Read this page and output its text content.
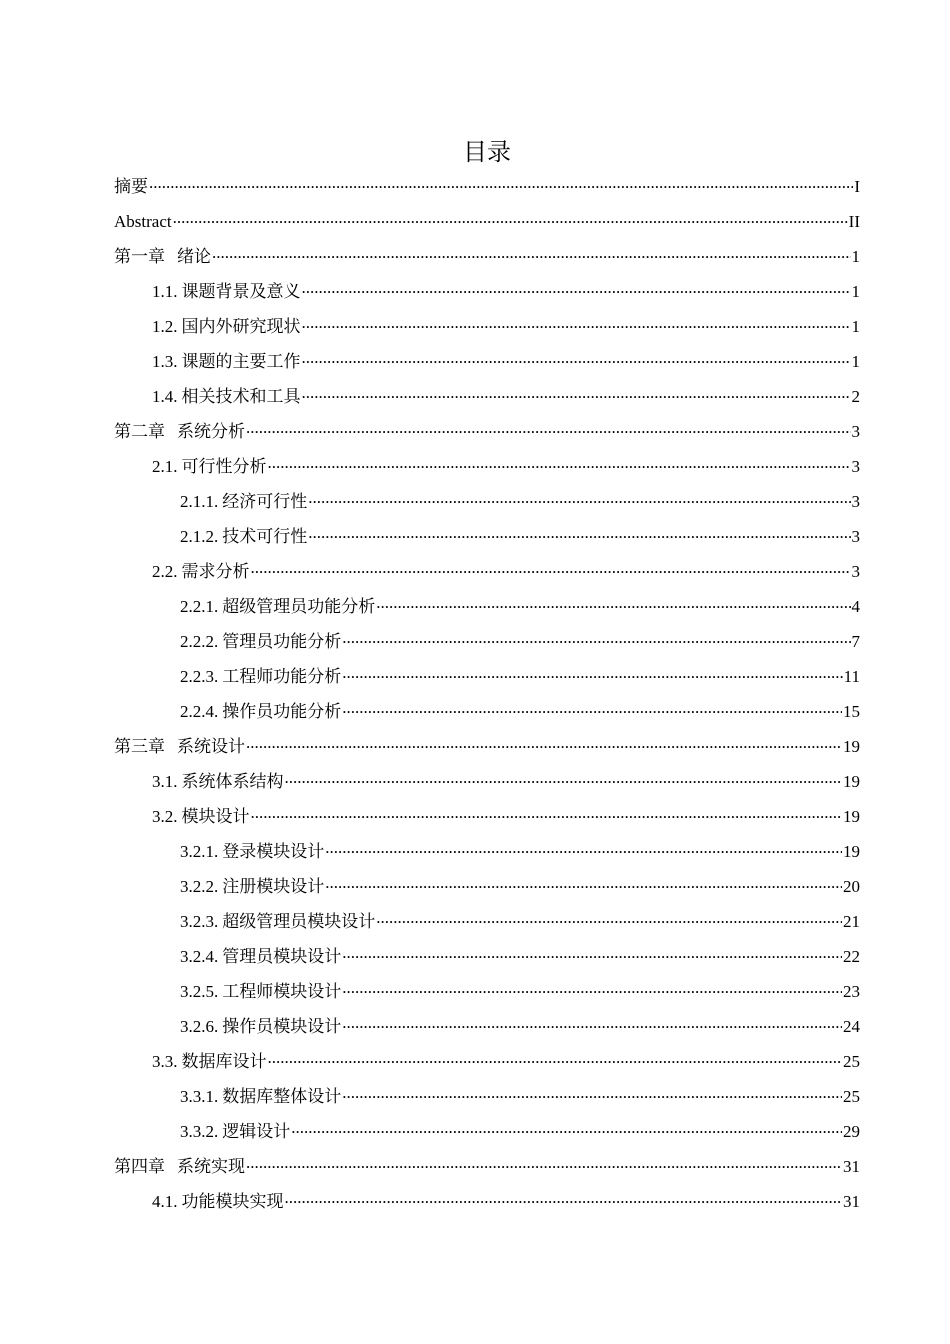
目录
摘要 .....	I
Abstract .....	II
第一章 绪论 .....	1
1.1. 课题背景及意义 .....	1
1.2. 国内外研究现状 .....	1
1.3. 课题的主要工作 .....	1
1.4. 相关技术和工具 .....	2
第二章 系统分析 .....	3
2.1. 可行性分析 .....	3
2.1.1. 经济可行性 .....	3
2.1.2. 技术可行性 .....	3
2.2. 需求分析 .....	3
2.2.1. 超级管理员功能分析 .....	4
2.2.2. 管理员功能分析 .....	7
2.2.3. 工程师功能分析 .....	11
2.2.4. 操作员功能分析 .....	15
第三章 系统设计 .....	19
3.1. 系统体系结构 .....	19
3.2. 模块设计 .....	19
3.2.1. 登录模块设计 .....	19
3.2.2. 注册模块设计 .....	20
3.2.3. 超级管理员模块设计 .....	21
3.2.4. 管理员模块设计 .....	22
3.2.5. 工程师模块设计 .....	23
3.2.6. 操作员模块设计 .....	24
3.3. 数据库设计 .....	25
3.3.1. 数据库整体设计 .....	25
3.3.2. 逻辑设计 .....	29
第四章 系统实现 .....	31
4.1. 功能模块实现 .....	31
